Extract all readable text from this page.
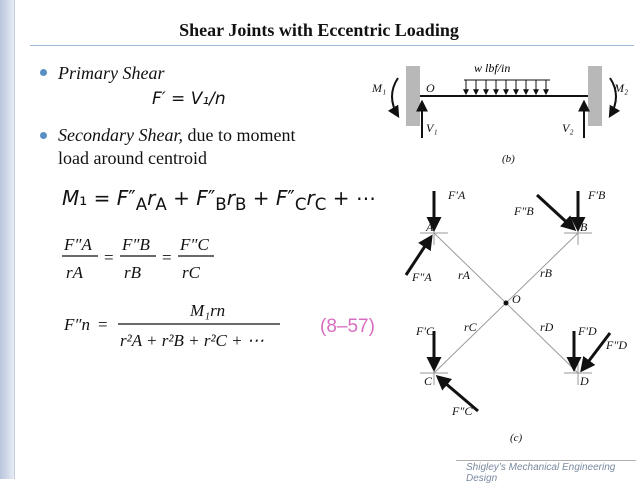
Shear Joints with Eccentric Loading
Primary Shear
F′ = V₁/n
Secondary Shear, due to moment
load around centroid
$M_1 = F''_Ar_A + F''_Br_B + F''_Cr_C$ + ⋯
F″A
rA
=
F″B
rB
=
F″C
rC
F″n =
M₁rn
r²A + r²B + r²C + ⋯
(8–57)
w lbf/in
M₁	M₂
O
V₁	V₂
(b)
A	B
C	D
O
rA	rB
rC	rD
F′A
F″A
F′B
F″B
F′C
F″C
F′D
F″D
(c)
Shigley’s Mechanical Engineering Design
